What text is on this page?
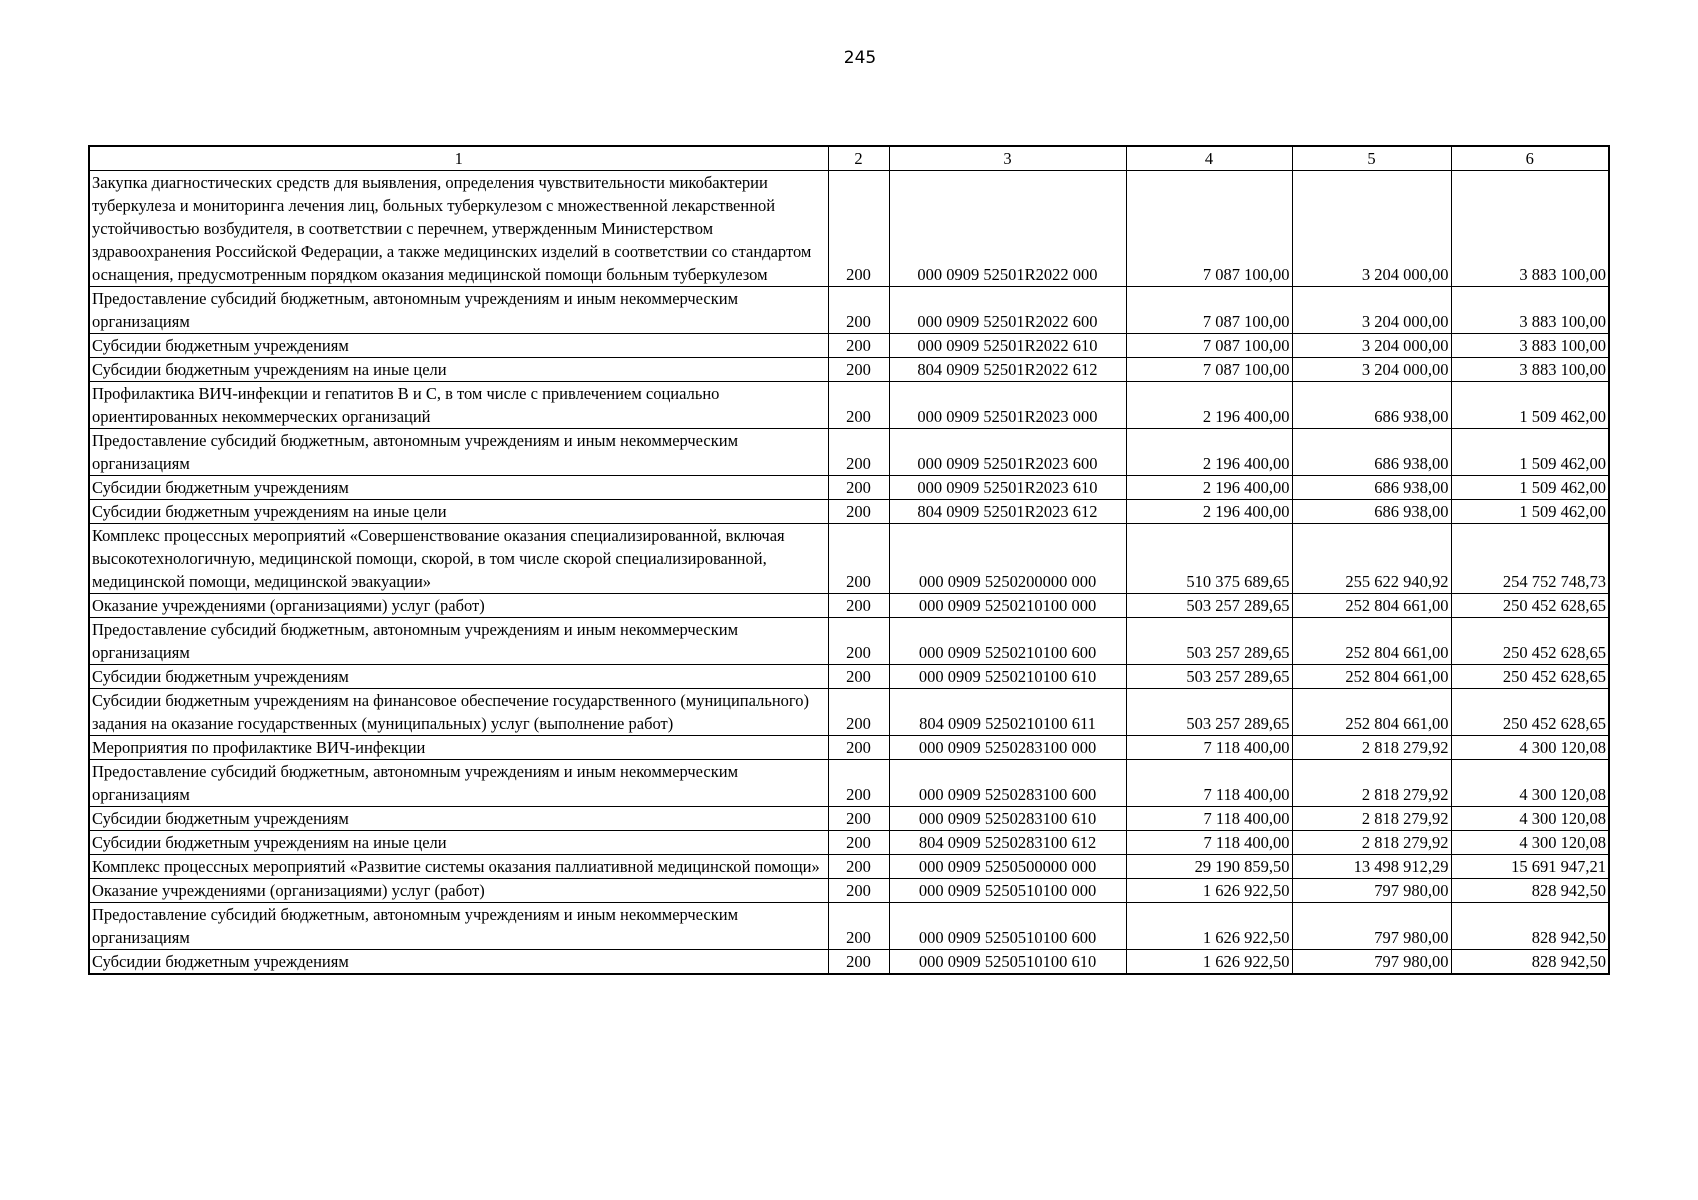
245
1	2	3	4	5	6
Закупка диагностических средств для выявления, определения чувствительности микобактерии туберкулеза и мониторинга лечения лиц, больных туберкулезом с множественной лекарственной устойчивостью возбудителя, в соответствии с перечнем, утвержденным Министерством здравоохранения Российской Федерации, а также медицинских изделий в соответствии со стандартом оснащения, предусмотренным порядком оказания медицинской помощи больным туберкулезом	200	000 0909 52501R2022 000	7 087 100,00	3 204 000,00	3 883 100,00
Предоставление субсидий бюджетным, автономным учреждениям и иным некоммерческим организациям	200	000 0909 52501R2022 600	7 087 100,00	3 204 000,00	3 883 100,00
Субсидии бюджетным учреждениям	200	000 0909 52501R2022 610	7 087 100,00	3 204 000,00	3 883 100,00
Субсидии бюджетным учреждениям на иные цели	200	804 0909 52501R2022 612	7 087 100,00	3 204 000,00	3 883 100,00
Профилактика ВИЧ-инфекции и гепатитов B и C, в том числе с привлечением социально ориентированных некоммерческих организаций	200	000 0909 52501R2023 000	2 196 400,00	686 938,00	1 509 462,00
Предоставление субсидий бюджетным, автономным учреждениям и иным некоммерческим организациям	200	000 0909 52501R2023 600	2 196 400,00	686 938,00	1 509 462,00
Субсидии бюджетным учреждениям	200	000 0909 52501R2023 610	2 196 400,00	686 938,00	1 509 462,00
Субсидии бюджетным учреждениям на иные цели	200	804 0909 52501R2023 612	2 196 400,00	686 938,00	1 509 462,00
Комплекс процессных мероприятий «Совершенствование оказания специализированной, включая высокотехнологичную, медицинской помощи, скорой, в том числе скорой специализированной, медицинской помощи, медицинской эвакуации»	200	000 0909 5250200000 000	510 375 689,65	255 622 940,92	254 752 748,73
Оказание учреждениями (организациями) услуг (работ)	200	000 0909 5250210100 000	503 257 289,65	252 804 661,00	250 452 628,65
Предоставление субсидий бюджетным, автономным учреждениям и иным некоммерческим организациям	200	000 0909 5250210100 600	503 257 289,65	252 804 661,00	250 452 628,65
Субсидии бюджетным учреждениям	200	000 0909 5250210100 610	503 257 289,65	252 804 661,00	250 452 628,65
Субсидии бюджетным учреждениям на финансовое обеспечение государственного (муниципального) задания на оказание государственных (муниципальных) услуг (выполнение работ)	200	804 0909 5250210100 611	503 257 289,65	252 804 661,00	250 452 628,65
Мероприятия по профилактике ВИЧ-инфекции	200	000 0909 5250283100 000	7 118 400,00	2 818 279,92	4 300 120,08
Предоставление субсидий бюджетным, автономным учреждениям и иным некоммерческим организациям	200	000 0909 5250283100 600	7 118 400,00	2 818 279,92	4 300 120,08
Субсидии бюджетным учреждениям	200	000 0909 5250283100 610	7 118 400,00	2 818 279,92	4 300 120,08
Субсидии бюджетным учреждениям на иные цели	200	804 0909 5250283100 612	7 118 400,00	2 818 279,92	4 300 120,08
Комплекс процессных мероприятий «Развитие системы оказания паллиативной медицинской помощи»	200	000 0909 5250500000 000	29 190 859,50	13 498 912,29	15 691 947,21
Оказание учреждениями (организациями) услуг (работ)	200	000 0909 5250510100 000	1 626 922,50	797 980,00	828 942,50
Предоставление субсидий бюджетным, автономным учреждениям и иным некоммерческим организациям	200	000 0909 5250510100 600	1 626 922,50	797 980,00	828 942,50
Субсидии бюджетным учреждениям	200	000 0909 5250510100 610	1 626 922,50	797 980,00	828 942,50
